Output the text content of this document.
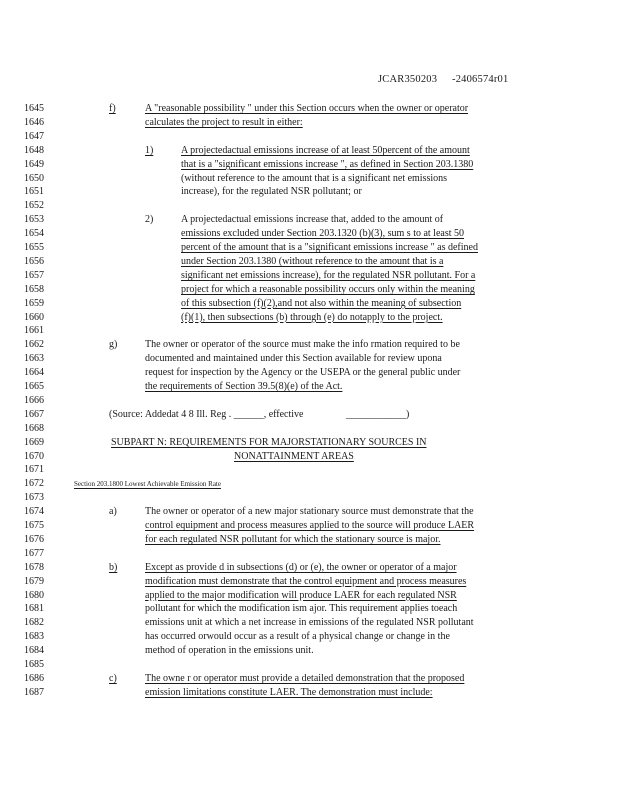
JCAR350203 -2406574r01
1645	f)	A "reasonable possibility " under this Section occurs when the owner or operator
1646	calculates the project to result in either:
1647
1648	1)	A projectedactual emissions increase of at least 50percent of the amount
1649	that is a "significant emissions increase ", as defined in Section 203.1380
1650	(without reference to the amount that is a significant net emissions
1651	increase), for the regulated NSR pollutant; or
1652
1653	2)	A projectedactual emissions increase that, added to the amount of
1654	emissions excluded under Section 203.1320 (b)(3), sum s to at least 50
1655	percent of the amount that is a "significant emissions increase " as defined
1656	under Section 203.1380 (without reference to the amount that is a
1657	significant net emissions increase), for the regulated NSR pollutant. For a
1658	project for which a reasonable possibility occurs only within the meaning
1659	of this subsection (f)(2),and not also within the meaning of subsection
1660	(f)(1), then subsections (b) through (e) do notapply to the project.
1661
1662	g)	The owner or operator of the source must make the info rmation required to be
1663	documented and maintained under this Section available for review upona
1664	request for inspection by the Agency or the USEPA or the general public under
1665	the requirements of Section 39.5(8)(e) of the Act.
1666
1667	(Source: Addedat 4 8 Ill. Reg . ______, effective	____________)
1668
1669	SUBPART N: REQUIREMENTS FOR MAJORSTATIONARY SOURCES IN
1670	NONATTAINMENT AREAS
1671
1672	Section 203.1800 Lowest Achievable Emission Rate
1673
1674	a)	The owner or operator of a new major stationary source must demonstrate that the
1675	control equipment and process measures applied to the source will produce LAER
1676	for each regulated NSR pollutant for which the stationary source is major.
1677
1678	b)	Except as provide d in subsections (d) or (e), the owner or operator of a major
1679	modification must demonstrate that the control equipment and process measures
1680	applied to the major modification will produce LAER for each regulated NSR
1681	pollutant for which the modification ism ajor. This requirement applies toeach
1682	emissions unit at which a net increase in emissions of the regulated NSR pollutant
1683	has occurred orwould occur as a result of a physical change or change in the
1684	method of operation in the emissions unit.
1685
1686	c)	The owne r or operator must provide a detailed demonstration that the proposed
1687	emission limitations constitute LAER. The demonstration must include:
